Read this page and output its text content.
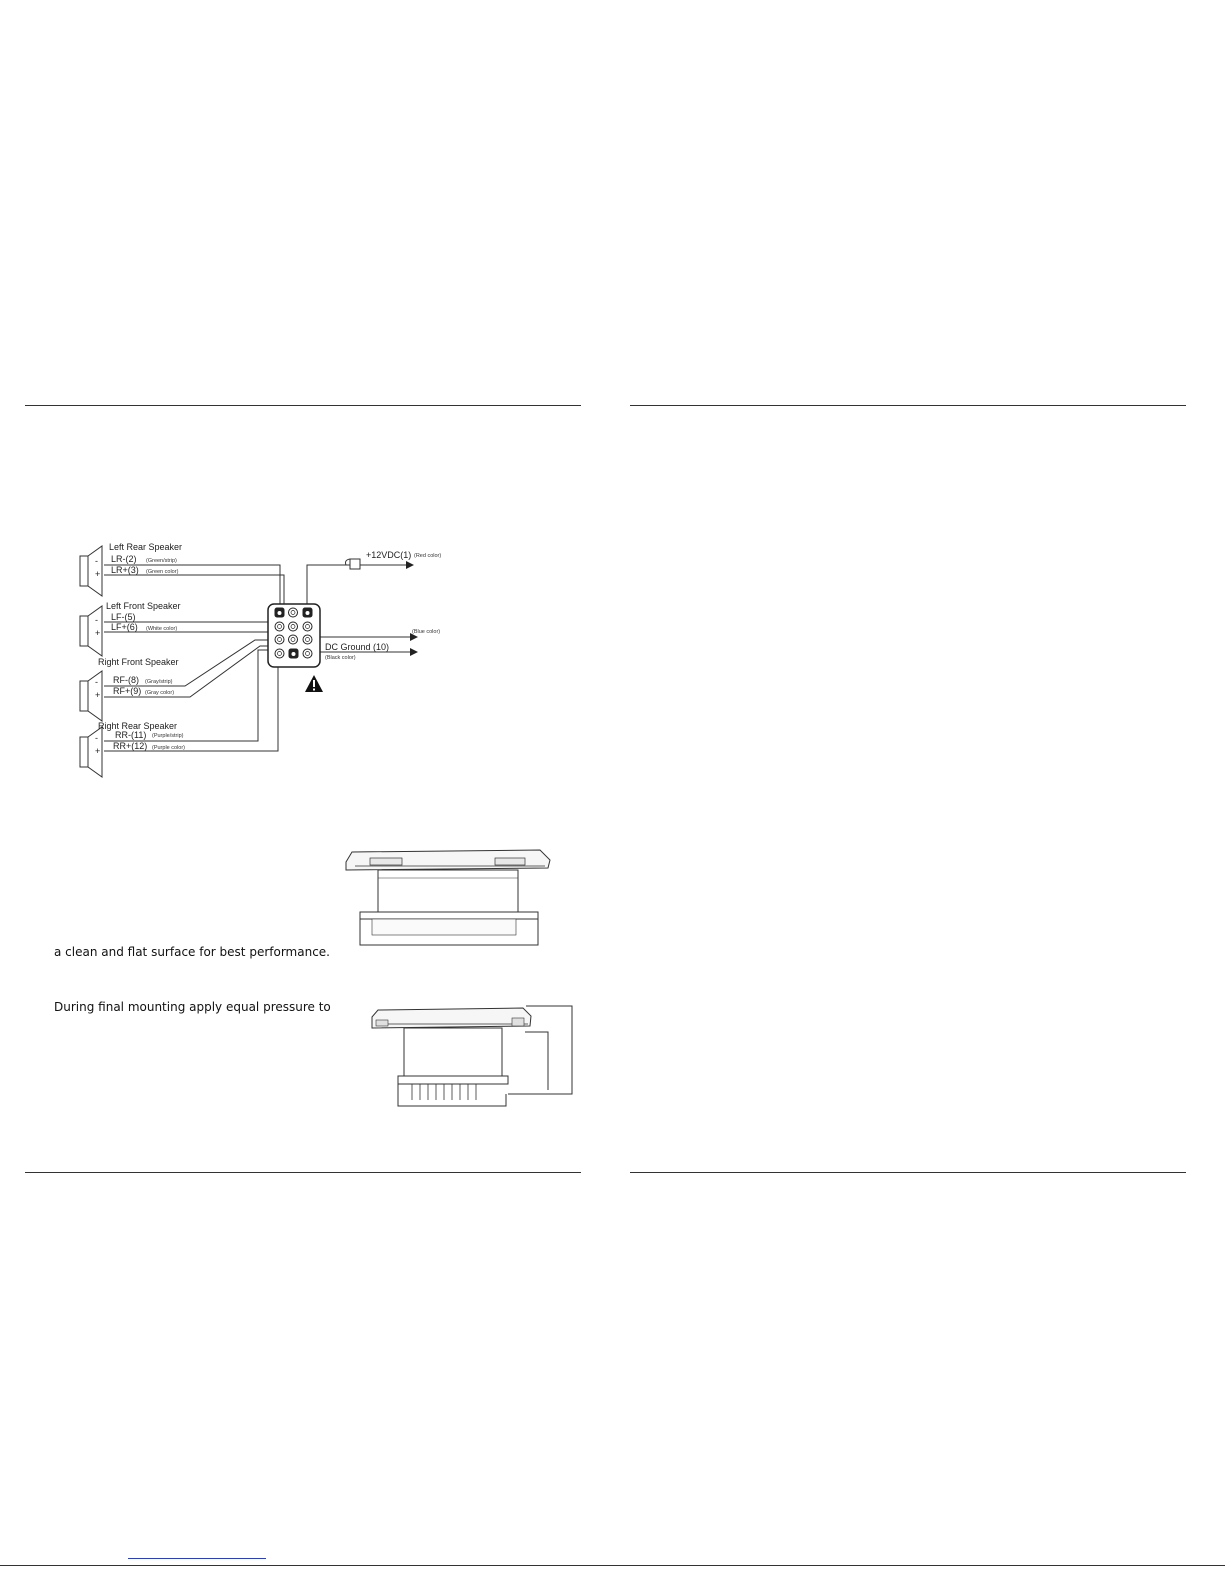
Left Rear Speaker
LR-(2) (Green/strip)
LR+(3) (Green color)
-
+
Left Front Speaker
LF-(5)
LF+(6) (White color)
-
+
Right Front Speaker
RF-(8) (Gray/strip)
RF+(9) (Gray color)
-
+
Right Rear Speaker
RR-(11) (Purple/strip)
RR+(12) (Purple color)
-
+
+12VDC(1) (Red color)
(Blue color)
DC Ground (10)
(Black color)
a clean and flat surface for best performance.
During final mounting apply equal pressure to
